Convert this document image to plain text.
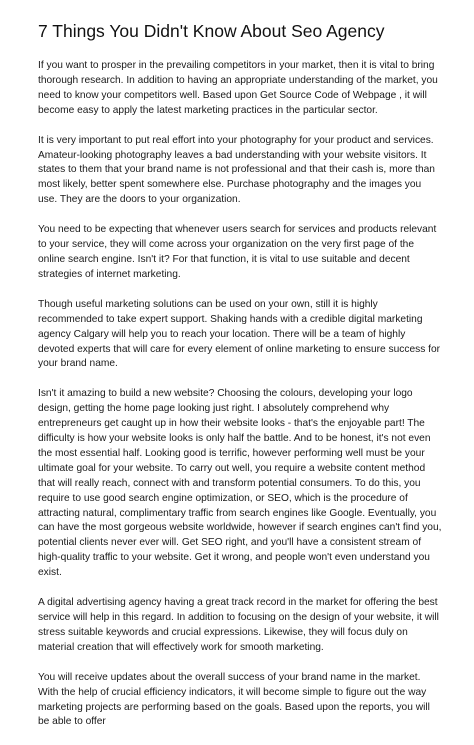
7 Things You Didn't Know About Seo Agency

If you want to prosper in the prevailing competitors in your market, then it is vital to bring thorough research. In addition to having an appropriate understanding of the market, you need to know your competitors well. Based upon Get Source Code of Webpage , it will become easy to apply the latest marketing practices in the particular sector.

It is very important to put real effort into your photography for your product and services. Amateur-looking photography leaves a bad understanding with your website visitors. It states to them that your brand name is not professional and that their cash is, more than most likely, better spent somewhere else. Purchase photography and the images you use. They are the doors to your organization.

You need to be expecting that whenever users search for services and products relevant to your service, they will come across your organization on the very first page of the online search engine. Isn't it? For that function, it is vital to use suitable and decent strategies of internet marketing.

Though useful marketing solutions can be used on your own, still it is highly recommended to take expert support. Shaking hands with a credible digital marketing agency Calgary will help you to reach your location. There will be a team of highly devoted experts that will care for every element of online marketing to ensure success for your brand name.

Isn't it amazing to build a new website? Choosing the colours, developing your logo design, getting the home page looking just right. I absolutely comprehend why entrepreneurs get caught up in how their website looks - that's the enjoyable part! The difficulty is how your website looks is only half the battle. And to be honest, it's not even the most essential half. Looking good is terrific, however performing well must be your ultimate goal for your website. To carry out well, you require a website content method that will really reach, connect with and transform potential consumers. To do this, you require to use good search engine optimization, or SEO, which is the procedure of attracting natural, complimentary traffic from search engines like Google. Eventually, you can have the most gorgeous website worldwide, however if search engines can't find you, potential clients never ever will. Get SEO right, and you'll have a consistent stream of high-quality traffic to your website. Get it wrong, and people won't even understand you exist.

A digital advertising agency having a great track record in the market for offering the best service will help in this regard. In addition to focusing on the design of your website, it will stress suitable keywords and crucial expressions. Likewise, they will focus duly on material creation that will effectively work for smooth marketing.

You will receive updates about the overall success of your brand name in the market. With the help of crucial efficiency indicators, it will become simple to figure out the way marketing projects are performing based on the goals. Based upon the reports, you will be able to offer
